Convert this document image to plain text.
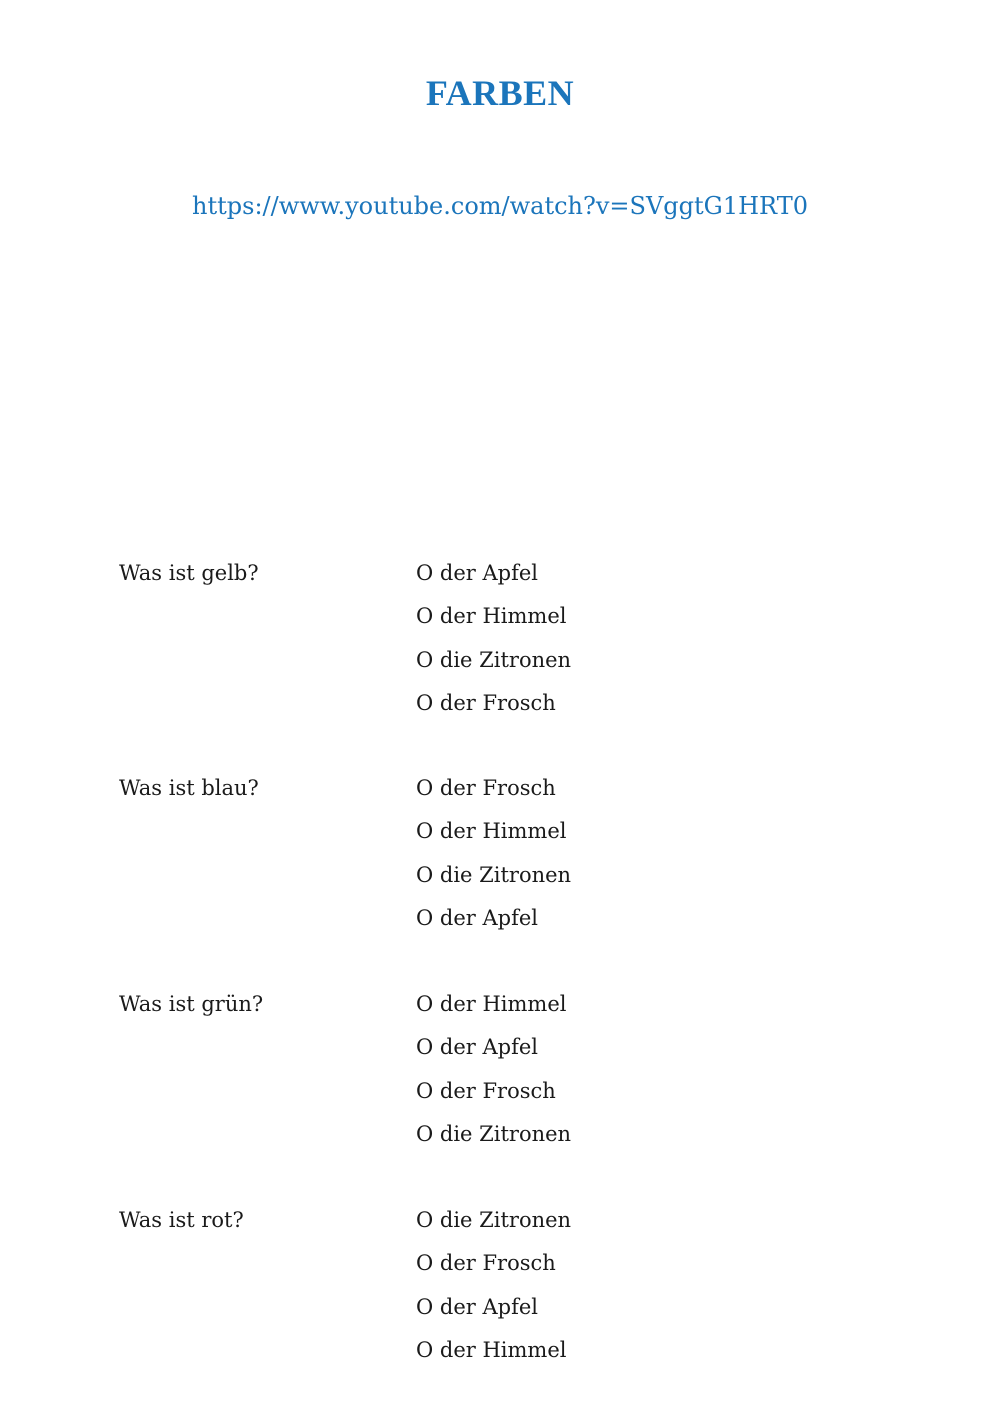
FARBEN
https://www.youtube.com/watch?v=SVggtG1HRT0
Was ist gelb?	O der Apfel
O der Himmel
O die Zitronen
O der Frosch
Was ist blau?	O der Frosch
O der Himmel
O die Zitronen
O der Apfel
Was ist grün?	O der Himmel
O der Apfel
O der Frosch
O die Zitronen
Was ist rot?	O die Zitronen
O der Frosch
O der Apfel
O der Himmel
